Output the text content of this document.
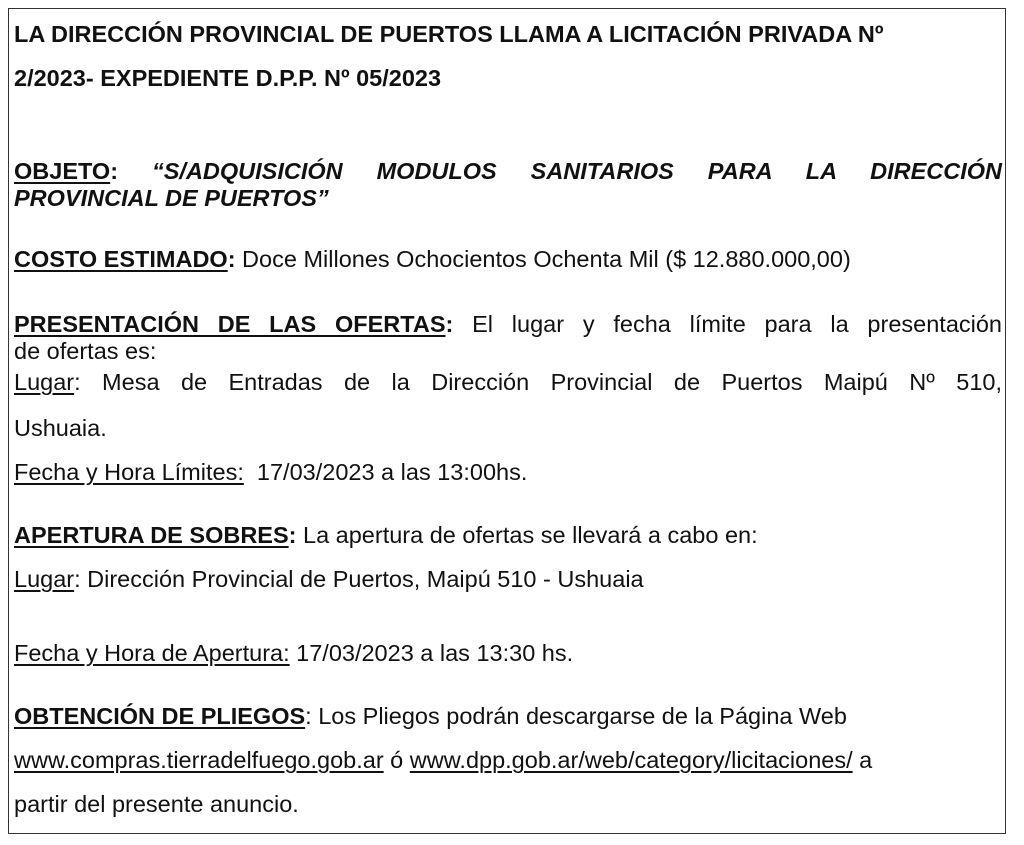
LA DIRECCIÓN PROVINCIAL DE PUERTOS LLAMA A LICITACIÓN PRIVADA Nº
2/2023- EXPEDIENTE D.P.P. Nº 05/2023
OBJETO: “S/ADQUISICIÓN MODULOS SANITARIOS PARA LA DIRECCIÓN
PROVINCIAL DE PUERTOS”
COSTO ESTIMADO: Doce Millones Ochocientos Ochenta Mil ($ 12.880.000,00)
PRESENTACIÓN DE LAS OFERTAS: El lugar y fecha límite para la presentación
de ofertas es:
Lugar: Mesa de Entradas de la Dirección Provincial de Puertos Maipú Nº 510,
Ushuaia.
Fecha y Hora Límites:  17/03/2023 a las 13:00hs.
APERTURA DE SOBRES: La apertura de ofertas se llevará a cabo en:
Lugar: Dirección Provincial de Puertos, Maipú 510 - Ushuaia
Fecha y Hora de Apertura: 17/03/2023 a las 13:30 hs.
OBTENCIÓN DE PLIEGOS: Los Pliegos podrán descargarse de la Página Web
www.compras.tierradelfuego.gob.ar ó www.dpp.gob.ar/web/category/licitaciones/ a
partir del presente anuncio.
